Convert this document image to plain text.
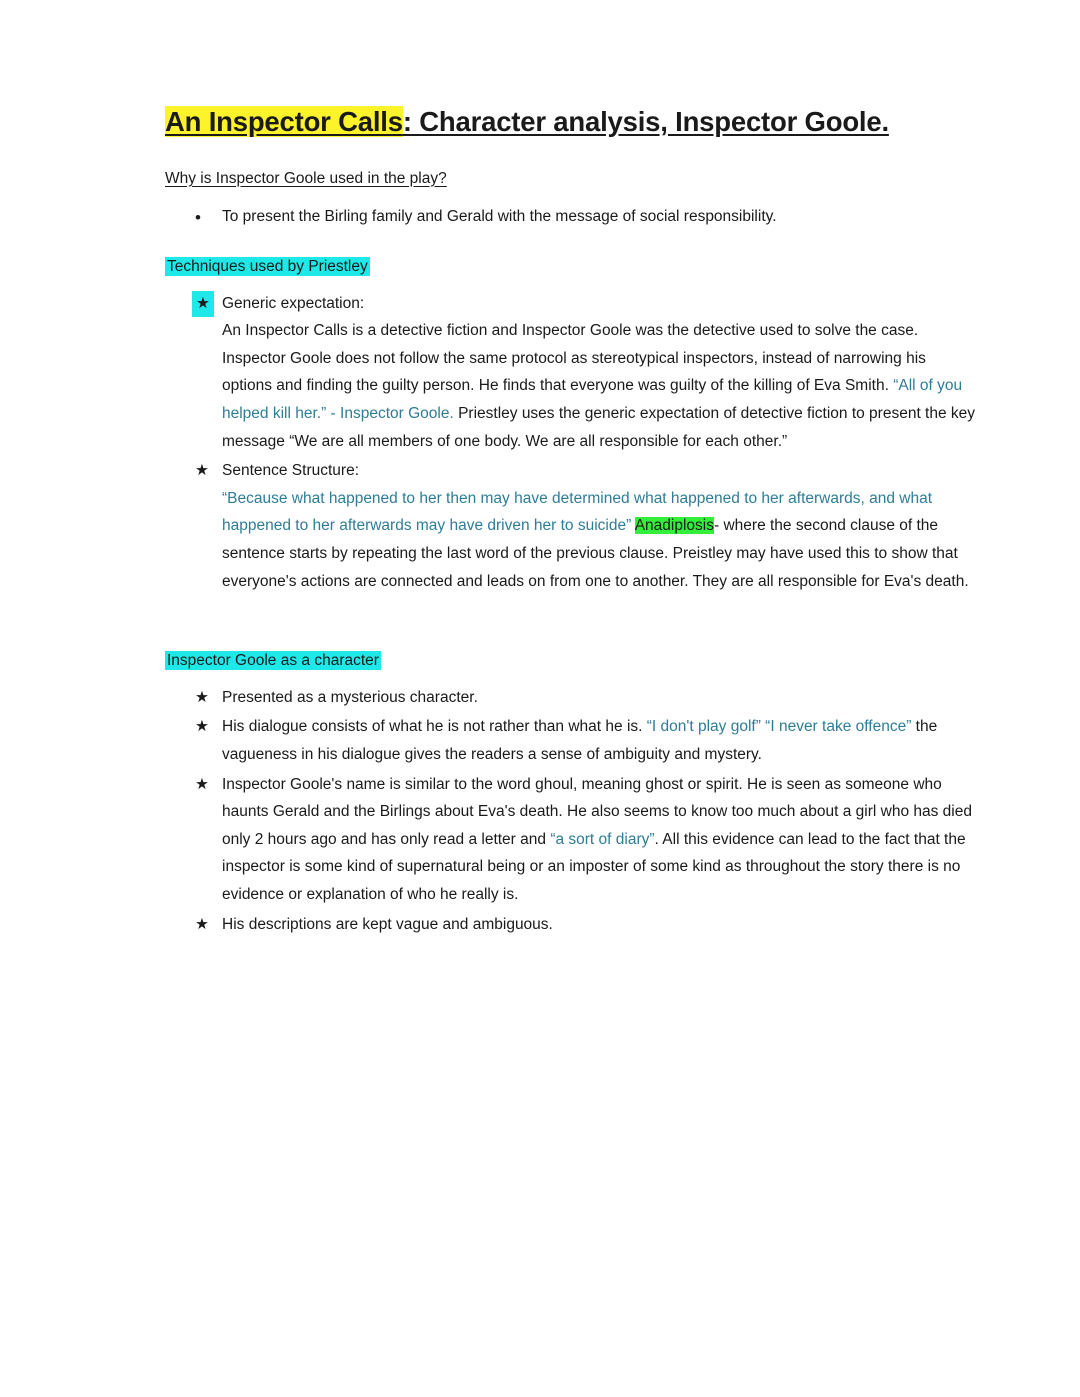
An Inspector Calls: Character analysis, Inspector Goole.
Why is Inspector Goole used in the play?
• To present the Birling family and Gerald with the message of social responsibility.
Techniques used by Priestley
★ Generic expectation:
An Inspector Calls is a detective fiction and Inspector Goole was the detective used to solve the case. Inspector Goole does not follow the same protocol as stereotypical inspectors, instead of narrowing his options and finding the guilty person. He finds that everyone was guilty of the killing of Eva Smith. “All of you helped kill her.” - Inspector Goole. Priestley uses the generic expectation of detective fiction to present the key message “We are all members of one body. We are all responsible for each other.”
★ Sentence Structure:
“Because what happened to her then may have determined what happened to her afterwards, and what happened to her afterwards may have driven her to suicide” Anadiplosis- where the second clause of the sentence starts by repeating the last word of the previous clause. Preistley may have used this to show that everyone's actions are connected and leads on from one to another. They are all responsible for Eva's death.
Inspector Goole as a character
★ Presented as a mysterious character.
★ His dialogue consists of what he is not rather than what he is. “I don't play golf” “I never take offence” the vagueness in his dialogue gives the readers a sense of ambiguity and mystery.
★ Inspector Goole's name is similar to the word ghoul, meaning ghost or spirit. He is seen as someone who haunts Gerald and the Birlings about Eva's death. He also seems to know too much about a girl who has died only 2 hours ago and has only read a letter and “a sort of diary”. All this evidence can lead to the fact that the inspector is some kind of supernatural being or an imposter of some kind as throughout the story there is no evidence or explanation of who he really is.
★ His descriptions are kept vague and ambiguous.
